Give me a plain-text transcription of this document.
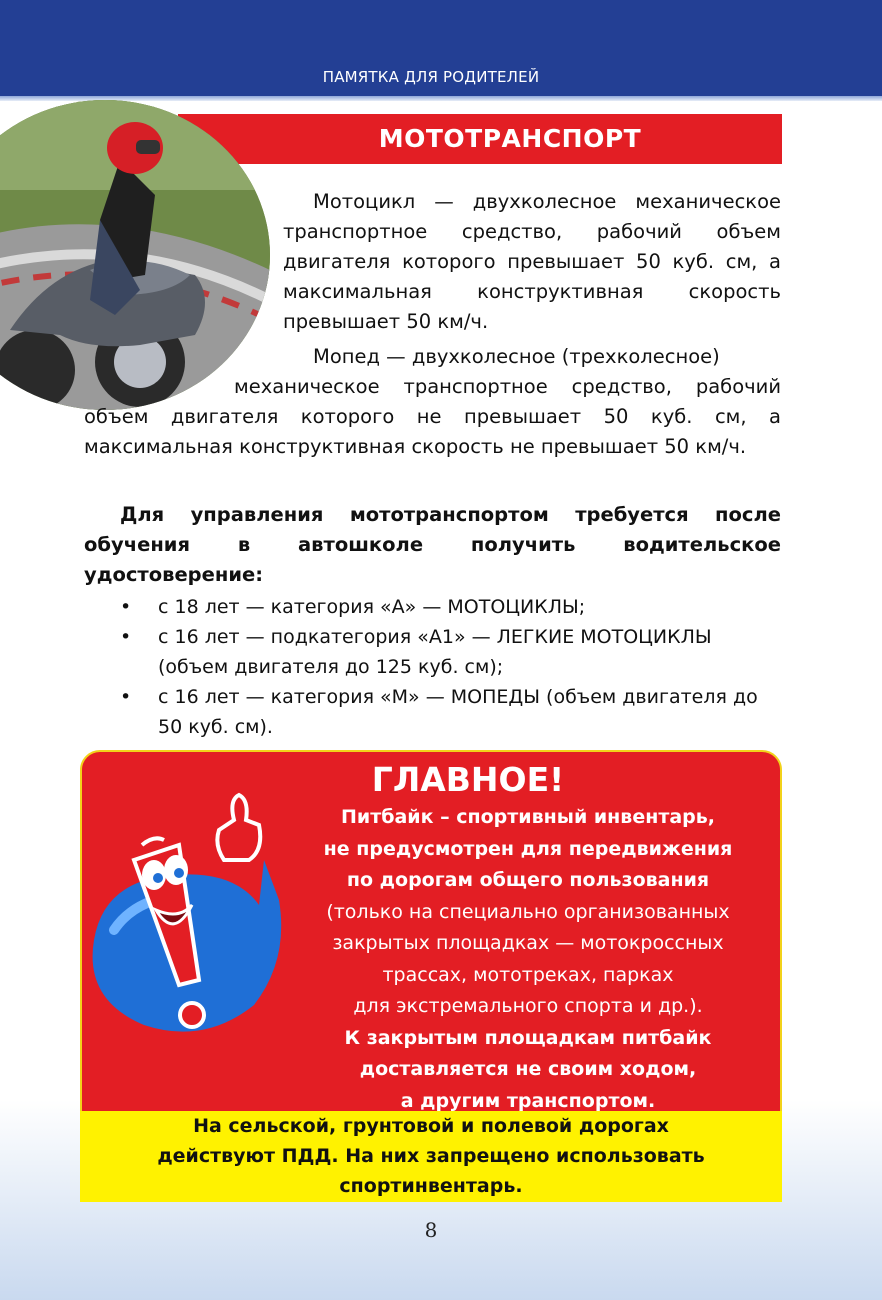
ПАМЯТКА ДЛЯ РОДИТЕЛЕЙ
МОТОТРАНСПОРТ

Мотоцикл — двухколесное механическое транспортное средство, рабочий объем двигателя которого превышает 50 куб. см, а максимальная конструктивная скорость превышает 50 км/ч.

Мопед — двухколесное (трехколесное)

механическое транспортное средство, рабочий объем двигателя которого не превышает 50 куб. см, а максимальная конструктивная скорость не превышает 50 км/ч.

Для управления мототранспортом требуется после обучения в автошколе получить водительское удостоверение:

• с 18 лет — категория «А» — МОТОЦИКЛЫ;
• с 16 лет — подкатегория «А1» — ЛЕГКИЕ МОТОЦИКЛЫ (объем двигателя до 125 куб. см);
• с 16 лет — категория «М» — МОПЕДЫ (объем двигателя до 50 куб. см).
ГЛАВНОЕ!
Питбайк – спортивный инвентарь,
не предусмотрен для передвижения
по дорогам общего пользования
(только на специально организованных
закрытых площадках — мотокроссных
трассах, мототреках, парках
для экстремального спорта и др.).
К закрытым площадкам питбайк
доставляется не своим ходом,
а другим транспортом.
На сельской, грунтовой и полевой дорогах
действуют ПДД. На них запрещено использовать
спортинвентарь.
8
